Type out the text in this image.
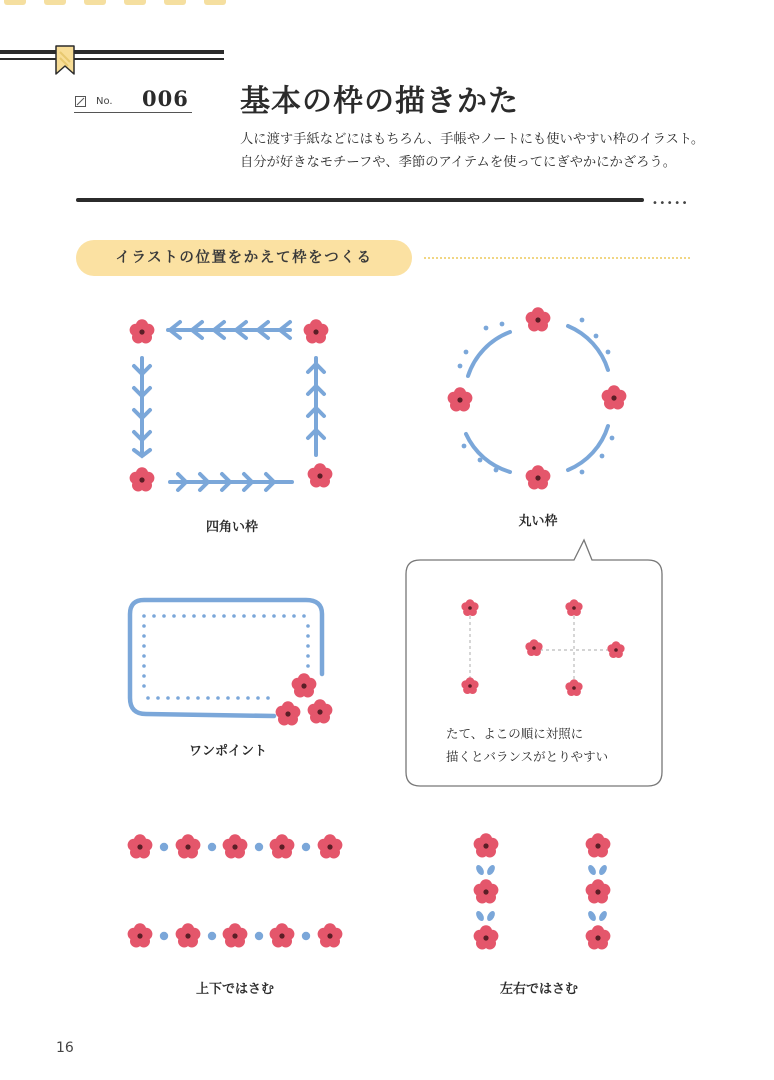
No. 006 基本の枠の描きかた
人に渡す手紙などにはもちろん、手帳やノートにも使いやすい枠のイラスト。
自分が好きなモチーフや、季節のアイテムを使ってにぎやかにかざろう。
•••••
イラストの位置をかえて枠をつくる
四角い枠	丸い枠
たて、よこの順に対照に
描くとバランスがとりやすい
ワンポイント
上下ではさむ	左右ではさむ
16
